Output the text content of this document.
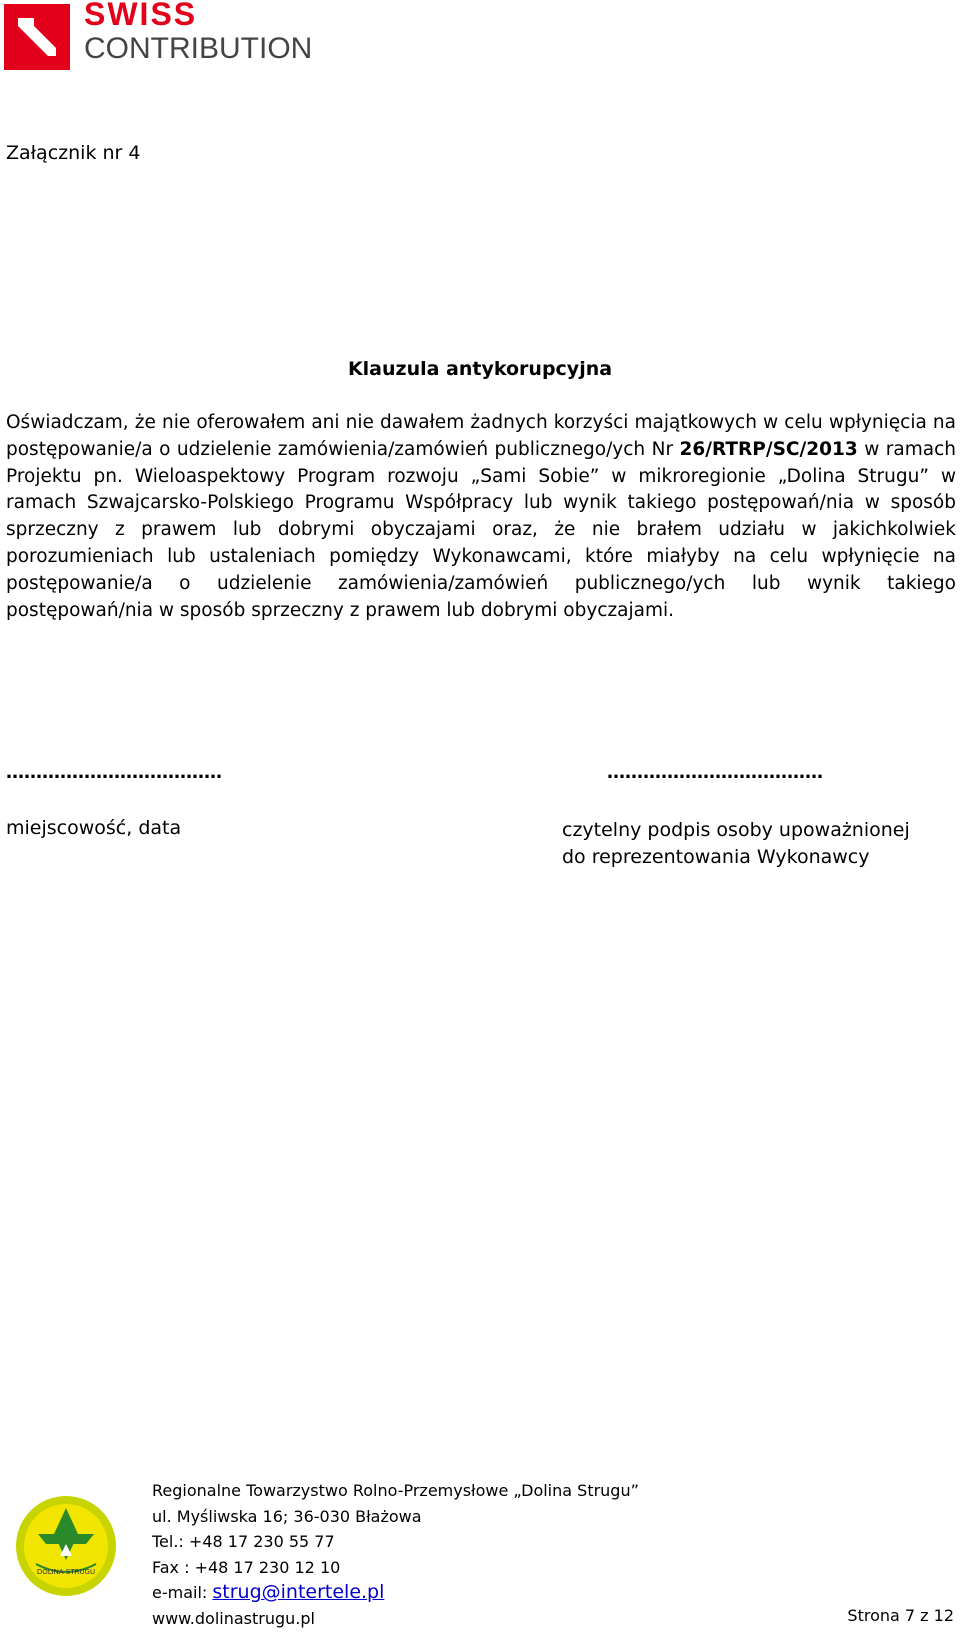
SWISS
CONTRIBUTION
Załącznik nr 4
Klauzula antykorupcyjna

Oświadczam, że nie oferowałem ani nie dawałem żadnych korzyści majątkowych w celu wpłynięcia na postępowanie/a o udzielenie zamówienia/zamówień publicznego/ych Nr 26/RTRP/SC/2013 w ramach Projektu pn. Wieloaspektowy Program rozwoju „Sami Sobie” w mikroregionie „Dolina Strugu” w ramach Szwajcarsko-Polskiego Programu Współpracy lub wynik takiego postępowań/nia w sposób sprzeczny z prawem lub dobrymi obyczajami oraz, że nie brałem udziału w jakichkolwiek porozumieniach lub ustaleniach pomiędzy Wykonawcami, które miałyby na celu wpłynięcie na postępowanie/a o udzielenie zamówienia/zamówień publicznego/ych lub wynik takiego postępowań/nia w sposób sprzeczny z prawem lub dobrymi obyczajami.

………………………………	………………………………
miejscowość, data	czytelny podpis osoby upoważnionej
do reprezentowania Wykonawcy
DOLINA STRUGU
Regionalne Towarzystwo Rolno-Przemysłowe „Dolina Strugu”
ul. Myśliwska 16; 36-030 Błażowa
Tel.: +48 17 230 55 77
Fax : +48 17 230 12 10
e-mail: strug@intertele.pl
www.dolinastrugu.pl	Strona 7 z 12
